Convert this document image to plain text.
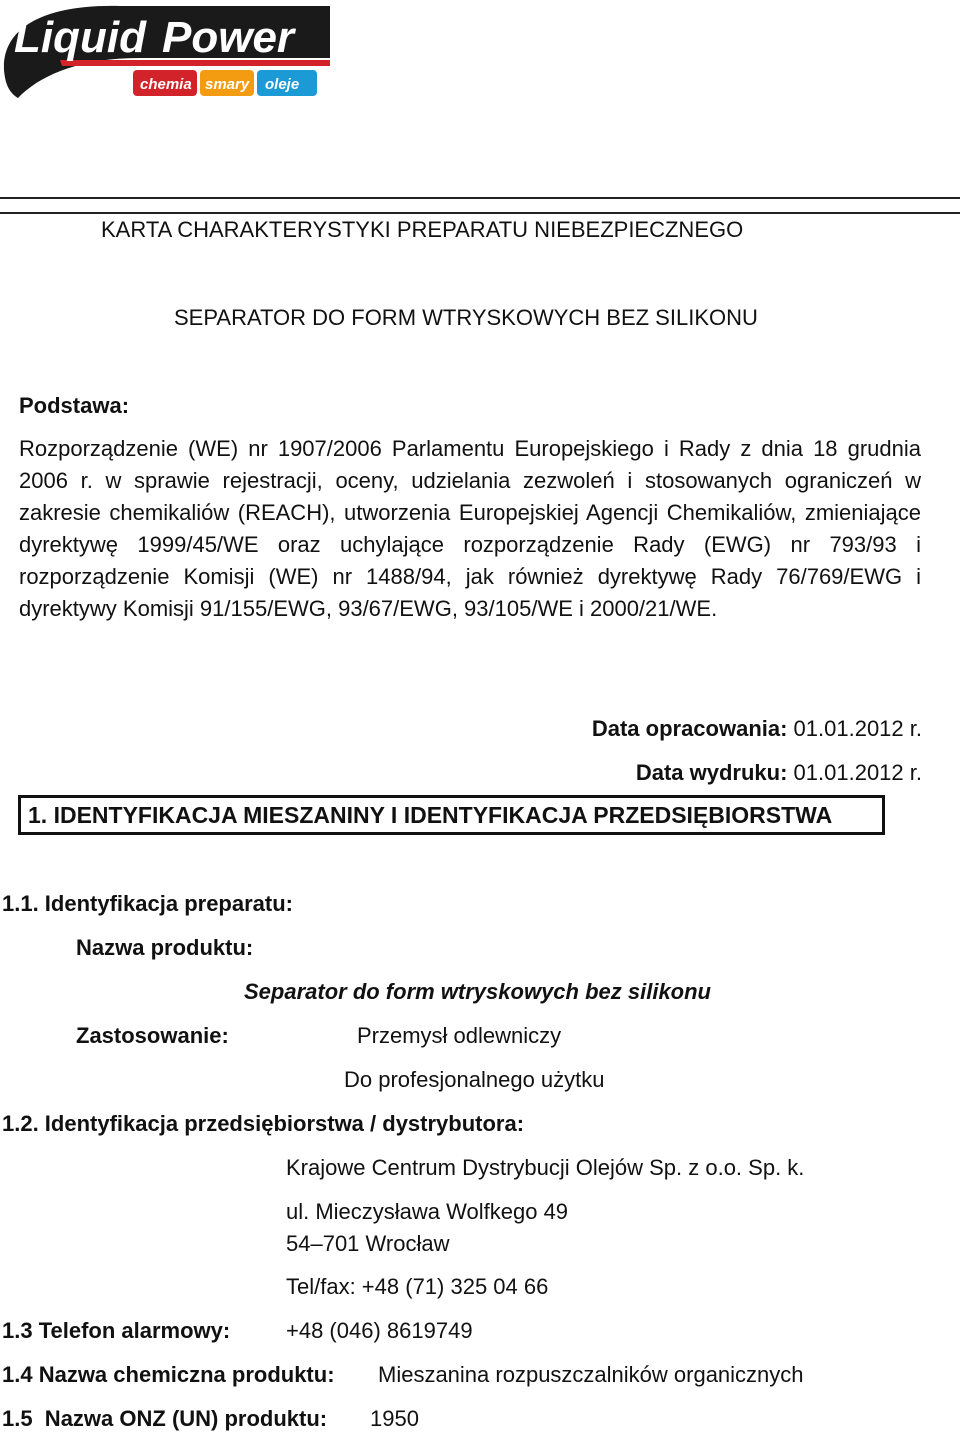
Liquid Power ®
chemia smary oleje
KARTA CHARAKTERYSTYKI PREPARATU NIEBEZPIECZNEGO
SEPARATOR DO FORM WTRYSKOWYCH BEZ SILIKONU
Podstawa:
Rozporządzenie (WE) nr 1907/2006 Parlamentu Europejskiego i Rady z dnia 18 grudnia 2006 r. w sprawie rejestracji, oceny, udzielania zezwoleń i stosowanych ograniczeń w zakresie chemikaliów (REACH), utworzenia Europejskiej Agencji Chemikaliów, zmieniające dyrektywę 1999/45/WE oraz uchylające rozporządzenie Rady (EWG) nr 793/93 i rozporządzenie Komisji (WE) nr 1488/94, jak również dyrektywę Rady 76/769/EWG i dyrektywy Komisji 91/155/EWG, 93/67/EWG, 93/105/WE i 2000/21/WE.
Data opracowania: 01.01.2012 r.
Data wydruku: 01.01.2012 r.
1. IDENTYFIKACJA MIESZANINY I IDENTYFIKACJA PRZEDSIĘBIORSTWA
1.1. Identyfikacja preparatu:
Nazwa produktu:
Separator do form wtryskowych bez silikonu
Zastosowanie:	Przemysł odlewniczy
Do profesjonalnego użytku
1.2. Identyfikacja przedsiębiorstwa / dystrybutora:
Krajowe Centrum Dystrybucji Olejów Sp. z o.o. Sp. k.
ul. Mieczysława Wolfkego 49
54–701 Wrocław
Tel/fax: +48 (71) 325 04 66
1.3 Telefon alarmowy:	+48 (046) 8619749
1.4 Nazwa chemiczna produktu: Mieszanina rozpuszczalników organicznych
1.5  Nazwa ONZ (UN) produktu: 1950
